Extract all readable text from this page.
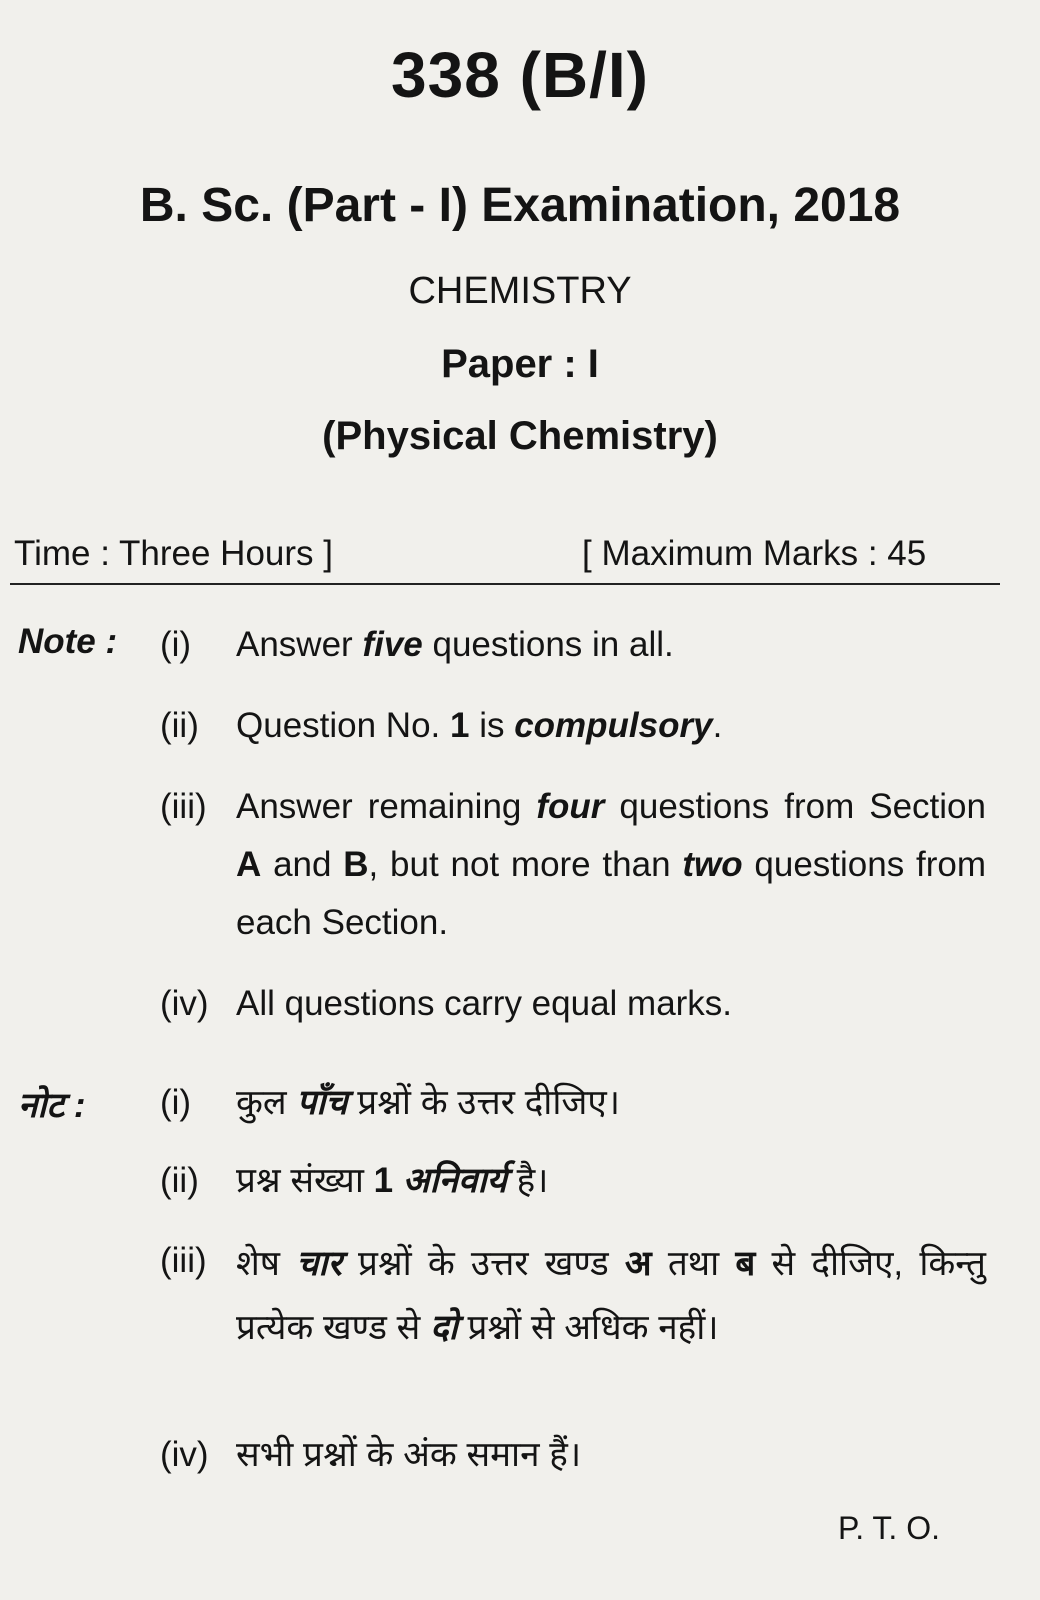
338 (B/I)
B. Sc. (Part - I) Examination, 2018
CHEMISTRY
Paper : I
(Physical Chemistry)
Time : Three Hours ]	[ Maximum Marks : 45
Note : (i) Answer five questions in all.
(ii) Question No. 1 is compulsory.
(iii) Answer remaining four questions from Section A and B, but not more than two questions from each Section.
(iv) All questions carry equal marks.
नोट : (i) कुल पाँच प्रश्नों के उत्तर दीजिए।
(ii) प्रश्न संख्या 1 अनिवार्य है।
(iii) शेष चार प्रश्नों के उत्तर खण्ड अ तथा ब से दीजिए, किन्तु प्रत्येक खण्ड से दो प्रश्नों से अधिक नहीं।
(iv) सभी प्रश्नों के अंक समान हैं।
P. T. O.
